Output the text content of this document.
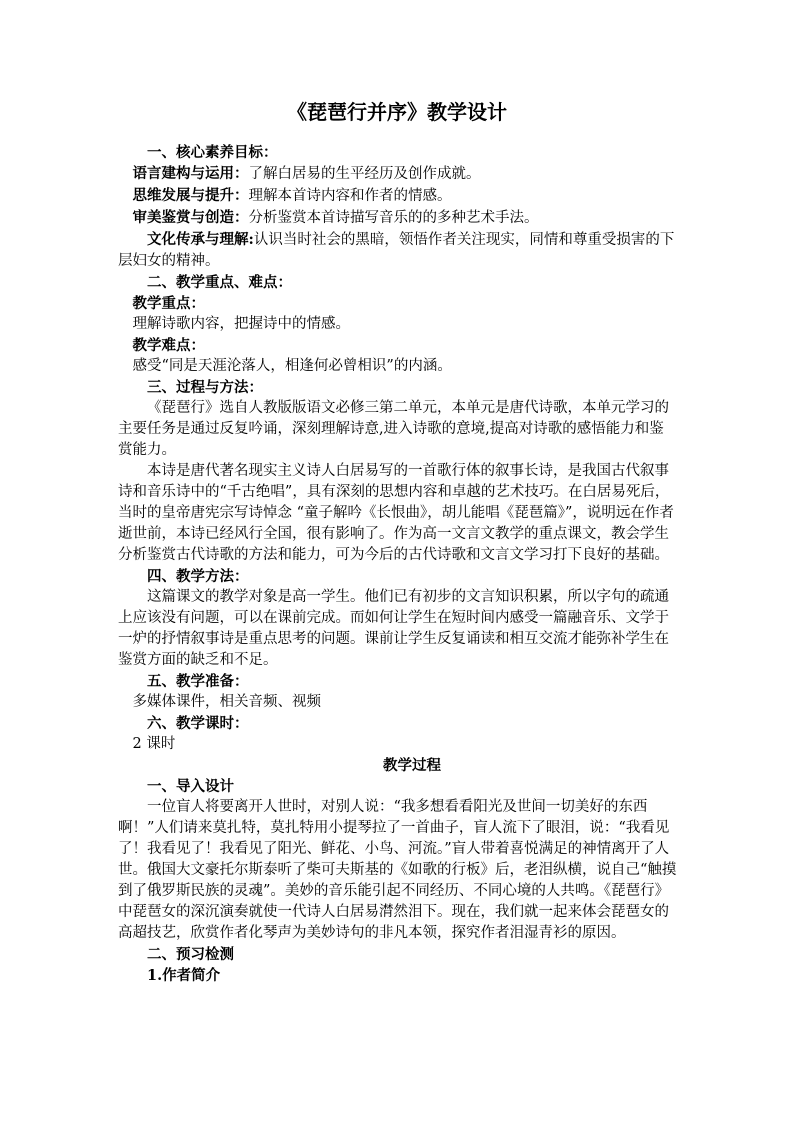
《琵琶行并序》教学设计

一、核心素养目标：

语言建构与运用：了解白居易的生平经历及创作成就。

思维发展与提升：理解本首诗内容和作者的情感。

审美鉴赏与创造：分析鉴赏本首诗描写音乐的的多种艺术手法。

文化传承与理解:认识当时社会的黑暗，领悟作者关注现实，同情和尊重受损害的下层妇女的精神。

二、教学重点、难点：

教学重点：

理解诗歌内容，把握诗中的情感。

教学难点：

感受“同是天涯沦落人，相逢何必曾相识”的内涵。

三、过程与方法：

《琵琶行》选自人教版版语文必修三第二单元，本单元是唐代诗歌，本单元学习的主要任务是通过反复吟诵，深刻理解诗意,进入诗歌的意境,提高对诗歌的感悟能力和鉴赏能力。

本诗是唐代著名现实主义诗人白居易写的一首歌行体的叙事长诗，是我国古代叙事诗和音乐诗中的“千古绝唱”，具有深刻的思想内容和卓越的艺术技巧。在白居易死后，当时的皇帝唐宪宗写诗悼念 “童子解吟《长恨曲》，胡儿能唱《琵琶篇》”，说明远在作者逝世前，本诗已经风行全国，很有影响了。作为高一文言文教学的重点课文，教会学生分析鉴赏古代诗歌的方法和能力，可为今后的古代诗歌和文言文学习打下良好的基础。

四、教学方法：

这篇课文的教学对象是高一学生。他们已有初步的文言知识积累，所以字句的疏通上应该没有问题，可以在课前完成。而如何让学生在短时间内感受一篇融音乐、文学于一炉的抒情叙事诗是重点思考的问题。课前让学生反复诵读和相互交流才能弥补学生在鉴赏方面的缺乏和不足。

五、教学准备：

多媒体课件，相关音频、视频

六、教学课时：

2 课时

教学过程

一、导入设计

一位盲人将要离开人世时，对别人说：“我多想看看阳光及世间一切美好的东西啊！”人们请来莫扎特，莫扎特用小提琴拉了一首曲子，盲人流下了眼泪，说：“我看见了！我看见了！我看见了阳光、鲜花、小鸟、河流。”盲人带着喜悦满足的神情离开了人世。俄国大文豪托尔斯泰听了柴可夫斯基的《如歌的行板》后，老泪纵横，说自己“触摸到了俄罗斯民族的灵魂”。美妙的音乐能引起不同经历、不同心境的人共鸣。《琵琶行》中琵琶女的深沉演奏就使一代诗人白居易潸然泪下。现在，我们就一起来体会琵琶女的高超技艺，欣赏作者化琴声为美妙诗句的非凡本领，探究作者泪湿青衫的原因。

二、预习检测

1.作者简介
